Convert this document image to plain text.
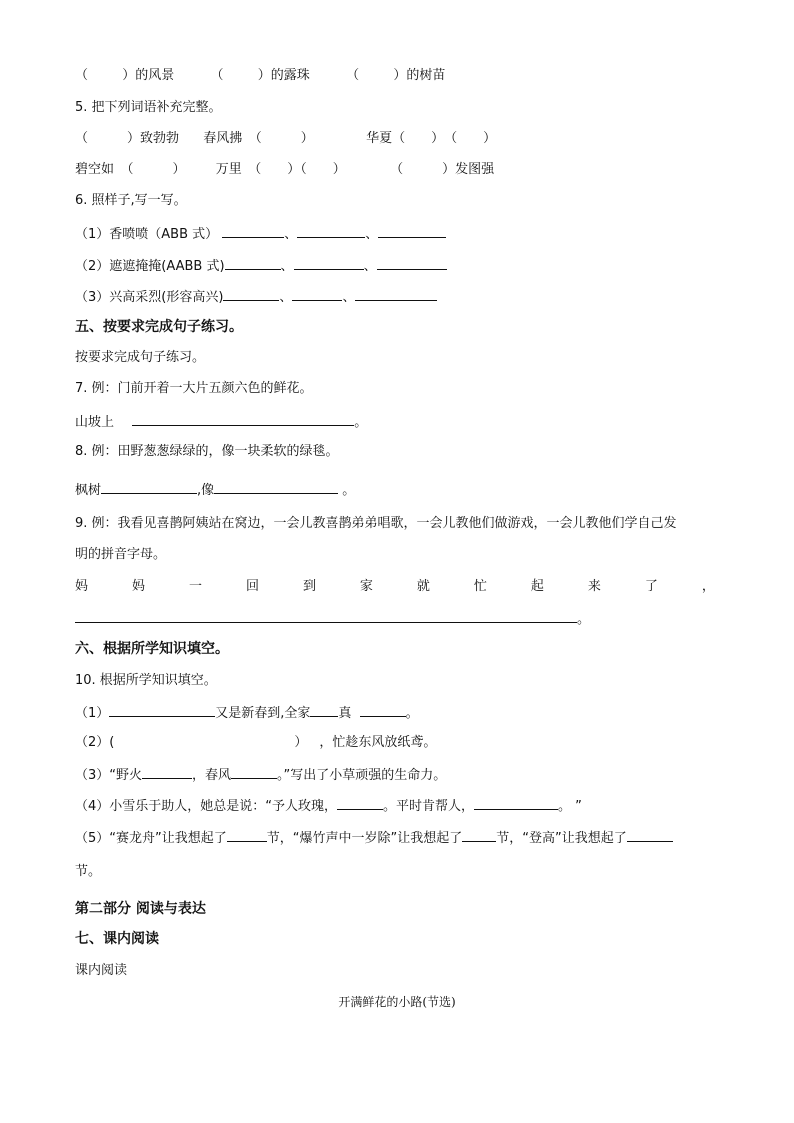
（ 　　 ）的风景	（ 　　 ）的露珠	（ 　　 ）的树苗
5. 把下列词语补充完整。
（　　　）致勃勃 春风拂　（　　　）	华夏（　　）　（　　）
碧空如　（　　　） 万里　（　　）（　　）	（　　　）发图强
6. 照样子,写一写。
（1）香喷喷（ABB 式）	、	、
（2）遮遮掩掩(AABB 式)	、	、
（3）兴高采烈(形容高兴)	、	、
五、按要求完成句子练习。
按要求完成句子练习。
7. 例：门前开着一大片五颜六色的鲜花。
山坡上	。
8. 例：田野葱葱绿绿的，像一块柔软的绿毯。
枫树	,像	。
9. 例：我看见喜鹊阿姨站在窝边，一会儿教喜鹊弟弟唱歌，一会儿教他们做游戏，一会儿教他们学自己发
明的拼音字母。
妈	妈	一	回	到	家	就	忙	起	来	了	，
。
六、根据所学知识填空。
10. 根据所学知识填空。
（1）	又是新春到,全家 真	。
（2）(	） ，忙趁东风放纸鸢。
（3）“野火	，春风	。”写出了小草顽强的生命力。
（4）小雪乐于助人，她总是说：“予人玫瑰，	。平时肯帮人，	。 ”
（5）“赛龙舟”让我想起了	节，“爆竹声中一岁除”让我想起了	节，“登高”让我想起了
节。
第二部分 阅读与表达
七、课内阅读
课内阅读
开满鲜花的小路(节选)
